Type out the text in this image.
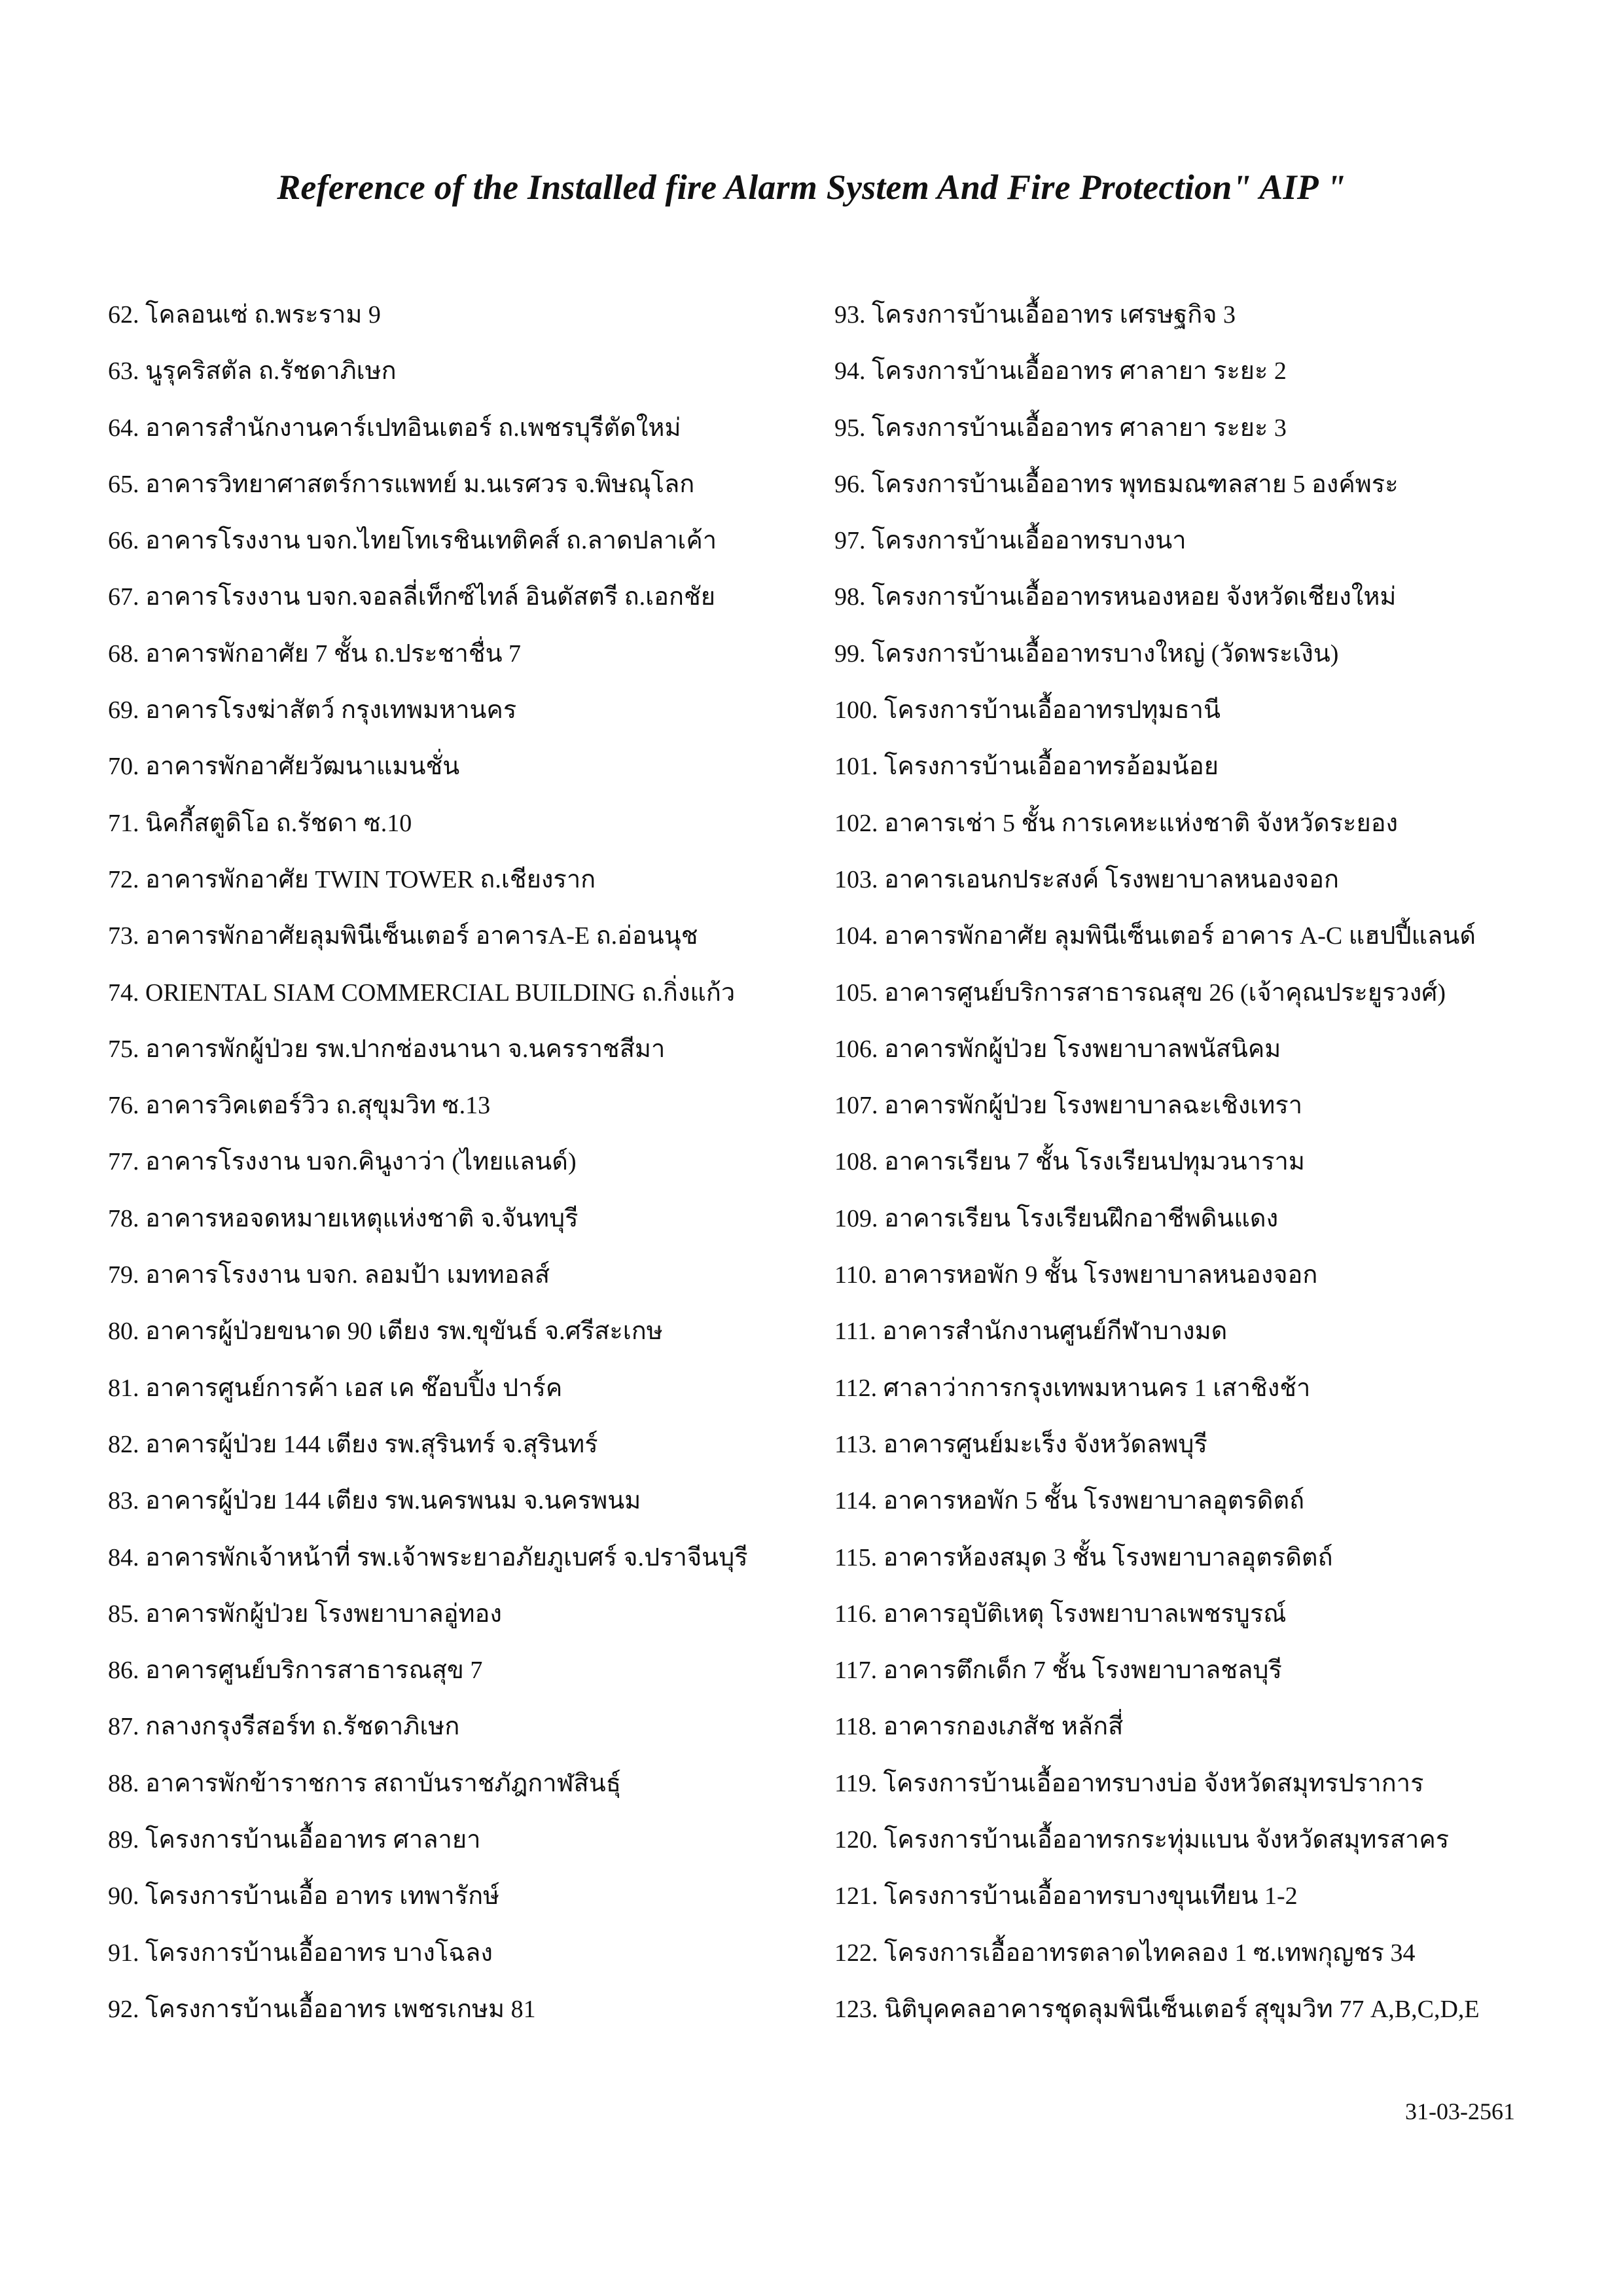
Reference of the Installed fire Alarm System And Fire Protection" AIP "
62. โคลอนเซ่ ถ.พระราม 9
63. นูรุคริสตัล ถ.รัชดาภิเษก
64. อาคารสำนักงานคาร์เปทอินเตอร์ ถ.เพชรบุรีตัดใหม่
65. อาคารวิทยาศาสตร์การแพทย์ ม.นเรศวร จ.พิษณุโลก
66. อาคารโรงงาน บจก.ไทยโทเรชินเทติคส์ ถ.ลาดปลาเค้า
67. อาคารโรงงาน บจก.จอลลี่เท็กซ์ไทล์ อินดัสตรี ถ.เอกชัย
68. อาคารพักอาศัย 7 ชั้น ถ.ประชาชื่น 7
69. อาคารโรงฆ่าสัตว์ กรุงเทพมหานคร
70. อาคารพักอาศัยวัฒนาแมนชั่น
71. นิคกี้สตูดิโอ ถ.รัชดา ซ.10
72. อาคารพักอาศัย TWIN TOWER ถ.เชียงราก
73. อาคารพักอาศัยลุมพินีเซ็นเตอร์ อาคารA-E ถ.อ่อนนุช
74. ORIENTAL SIAM COMMERCIAL BUILDING ถ.กิ่งแก้ว
75. อาคารพักผู้ป่วย รพ.ปากช่องนานา จ.นครราชสีมา
76. อาคารวิคเตอร์วิว ถ.สุขุมวิท ซ.13
77. อาคารโรงงาน บจก.คินูงาว่า (ไทยแลนด์)
78. อาคารหอจดหมายเหตุแห่งชาติ จ.จันทบุรี
79. อาคารโรงงาน บจก. ลอมป้า เมททอลส์
80. อาคารผู้ป่วยขนาด 90 เตียง รพ.ขุขันธ์ จ.ศรีสะเกษ
81. อาคารศูนย์การค้า เอส เค ช๊อบปิ้ง ปาร์ค
82. อาคารผู้ป่วย 144 เตียง รพ.สุรินทร์ จ.สุรินทร์
83. อาคารผู้ป่วย 144 เตียง รพ.นครพนม จ.นครพนม
84. อาคารพักเจ้าหน้าที่ รพ.เจ้าพระยาอภัยภูเบศร์ จ.ปราจีนบุรี
85. อาคารพักผู้ป่วย โรงพยาบาลอู่ทอง
86. อาคารศูนย์บริการสาธารณสุข 7
87. กลางกรุงรีสอร์ท ถ.รัชดาภิเษก
88. อาคารพักข้าราชการ สถาบันราชภัฎกาฬสินธุ์
89. โครงการบ้านเอื้ออาทร ศาลายา
90. โครงการบ้านเอื้อ อาทร เทพารักษ์
91. โครงการบ้านเอื้ออาทร บางโฉลง
92. โครงการบ้านเอื้ออาทร เพชรเกษม 81
93. โครงการบ้านเอื้ออาทร เศรษฐกิจ 3
94. โครงการบ้านเอื้ออาทร ศาลายา ระยะ 2
95. โครงการบ้านเอื้ออาทร ศาลายา ระยะ 3
96. โครงการบ้านเอื้ออาทร พุทธมณฑลสาย 5 องค์พระ
97. โครงการบ้านเอื้ออาทรบางนา
98. โครงการบ้านเอื้ออาทรหนองหอย จังหวัดเชียงใหม่
99. โครงการบ้านเอื้ออาทรบางใหญ่ (วัดพระเงิน)
100. โครงการบ้านเอื้ออาทรปทุมธานี
101. โครงการบ้านเอื้ออาทรอ้อมน้อย
102. อาคารเช่า 5 ชั้น การเคหะแห่งชาติ จังหวัดระยอง
103. อาคารเอนกประสงค์ โรงพยาบาลหนองจอก
104. อาคารพักอาศัย ลุมพินีเซ็นเตอร์ อาคาร A-C แฮปปี้แลนด์
105. อาคารศูนย์บริการสาธารณสุข 26 (เจ้าคุณประยูรวงศ์)
106. อาคารพักผู้ป่วย โรงพยาบาลพนัสนิคม
107. อาคารพักผู้ป่วย โรงพยาบาลฉะเชิงเทรา
108. อาคารเรียน 7 ชั้น โรงเรียนปทุมวนาราม
109. อาคารเรียน โรงเรียนฝึกอาชีพดินแดง
110. อาคารหอพัก 9 ชั้น โรงพยาบาลหนองจอก
111. อาคารสำนักงานศูนย์กีฬาบางมด
112. ศาลาว่าการกรุงเทพมหานคร 1 เสาชิงช้า
113. อาคารศูนย์มะเร็ง จังหวัดลพบุรี
114. อาคารหอพัก 5 ชั้น โรงพยาบาลอุตรดิตถ์
115. อาคารห้องสมุด 3 ชั้น โรงพยาบาลอุตรดิตถ์
116. อาคารอุบัติเหตุ โรงพยาบาลเพชรบูรณ์
117. อาคารตึกเด็ก 7 ชั้น โรงพยาบาลชลบุรี
118. อาคารกองเภสัช หลักสี่
119. โครงการบ้านเอื้ออาทรบางบ่อ จังหวัดสมุทรปราการ
120. โครงการบ้านเอื้ออาทรกระทุ่มแบน จังหวัดสมุทรสาคร
121. โครงการบ้านเอื้ออาทรบางขุนเทียน 1-2
122. โครงการเอื้ออาทรตลาดไทคลอง 1 ซ.เทพกุญชร 34
123. นิติบุคคลอาคารชุดลุมพินีเซ็นเตอร์ สุขุมวิท 77 A,B,C,D,E
31-03-2561
